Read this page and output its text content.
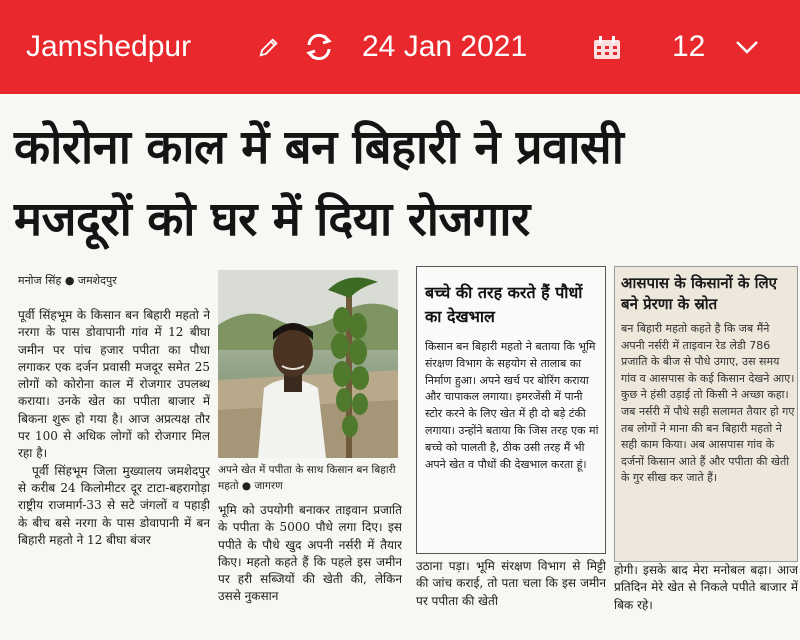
Jamshedpur	24 Jan 2021	12
कोरोना काल में बन बिहारी ने प्रवासी
मजदूरों को घर में दिया रोजगार
मनोज सिंह ● जमशेदपुर

पूर्वी सिंहभूम के किसान बन बिहारी महतो ने नरगा के पास डोवापानी गांव में 12 बीघा जमीन पर पांच हजार पपीता का पौधा लगाकर एक दर्जन प्रवासी मजदूर समेत 25 लोगों को कोरोना काल में रोजगार उपलब्ध कराया। उनके खेत का पपीता बाजार में बिकना शुरू हो गया है। आज अप्रत्यक्ष तौर पर 100 से अधिक लोगों को रोजगार मिल रहा है।

पूर्वी सिंहभूम जिला मुख्यालय जमशेदपुर से करीब 24 किलोमीटर दूर टाटा-बहरागोड़ा राष्ट्रीय राजमार्ग-33 से सटे जंगलों व पहाड़ी के बीच बसे नरगा के पास डोवापानी में बन बिहारी महतो ने 12 बीघा बंजर

अपने खेत में पपीता के साथ किसान बन बिहारी महतो ● जागरण
भूमि को उपयोगी बनाकर ताइवान प्रजाति के पपीता के 5000 पौधे लगा दिए। इस पपीते के पौधे खुद अपनी नर्सरी में तैयार किए। महतो कहते हैं कि पहले इस जमीन पर हरी सब्जियों की खेती की, लेकिन उससे नुकसान
बच्चे की तरह करते हैं पौधों का देखभाल
किसान बन बिहारी महतो ने बताया कि भूमि संरक्षण विभाग के सहयोग से तालाब का निर्माण हुआ। अपने खर्च पर बोरिंग कराया और चापाकल लगाया। इमरजेंसी में पानी स्टोर करने के लिए खेत में ही दो बड़े टंकी लगाया। उन्होंने बताया कि जिस तरह एक मां बच्चे को पालती है, ठीक उसी तरह मैं भी अपने खेत व पौधों की देखभाल करता हूं।
उठाना पड़ा। भूमि संरक्षण विभाग से मिट्टी की जांच कराई, तो पता चला कि इस जमीन पर पपीता की खेती
आसपास के किसानों के लिए बने प्रेरणा के स्रोत
बन बिहारी महतो कहते है कि जब मैंने अपनी नर्सरी में ताइवान रेड लेडी 786 प्रजाति के बीज से पौधे उगाए, उस समय गांव व आसपास के कई किसान देखने आए। कुछ ने हंसी उड़ाई तो किसी ने अच्छा कहा। जब नर्सरी में पौधे सही सलामत तैयार हो गए तब लोगों ने माना की बन बिहारी महतो ने सही काम किया। अब आसपास गांव के दर्जनों किसान आते हैं और पपीता की खेती के गुर सीख कर जाते हैं।
होगी। इसके बाद मेरा मनोबल बढ़ा। आज प्रतिदिन मेरे खेत से निकले पपीते बाजार में बिक रहे।
